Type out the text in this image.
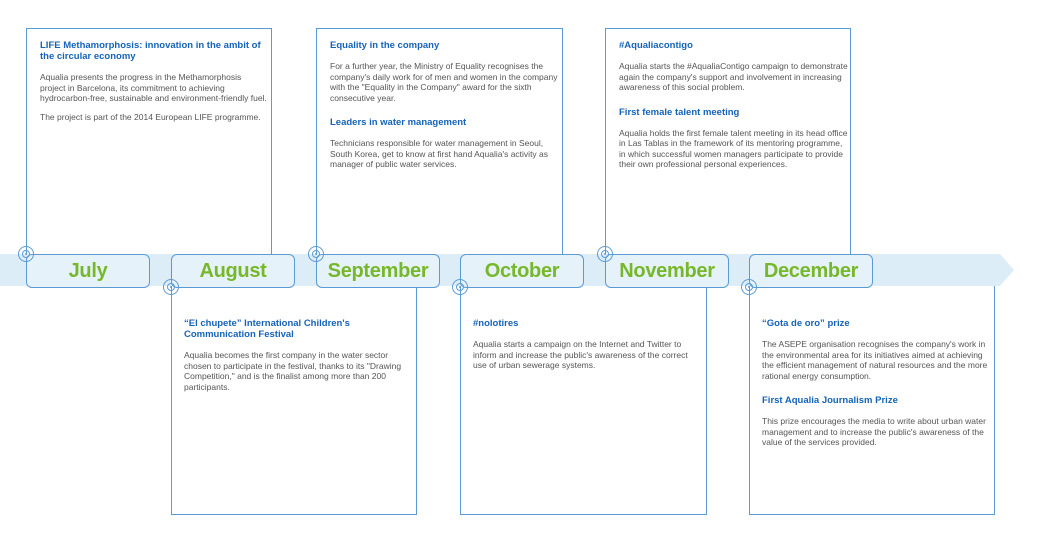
July	August	September	October	November	December

LIFE Methamorphosis: innovation in the ambit of the circular economy

Aqualia presents the progress in the Methamorphosis project in Barcelona, its commitment to achieving hydrocarbon-free, sustainable and environment-friendly fuel.

The project is part of the 2014 European LIFE programme.

Equality in the company

For a further year, the Ministry of Equality recognises the company's daily work for of men and women in the company with the "Equality in the Company" award for the sixth consecutive year.

Leaders in water management

Technicians responsible for water management in Seoul, South Korea, get to know at first hand Aqualia's activity as manager of public water services.

#Aqualiacontigo

Aqualia starts the #AqualiaContigo campaign to demonstrate again the company's support and involvement in increasing awareness of this social problem.

First female talent meeting

Aqualia holds the first female talent meeting in its head office in Las Tablas in the framework of its mentoring programme, in which successful women managers participate to provide their own professional personal experiences.

“El chupete” International Children's Communication Festival

Aqualia becomes the first company in the water sector chosen to participate in the festival, thanks to its "Drawing Competition," and is the finalist among more than 200 participants.

#nolotires

Aqualia starts a campaign on the Internet and Twitter to inform and increase the public's awareness of the correct use of urban sewerage systems.

“Gota de oro” prize

The ASEPE organisation recognises the company's work in the environmental area for its initiatives aimed at achieving the efficient management of natural resources and the more rational energy consumption.

First Aqualia Journalism Prize

This prize encourages the media to write about urban water management and to increase the public's awareness of the value of the services provided.
